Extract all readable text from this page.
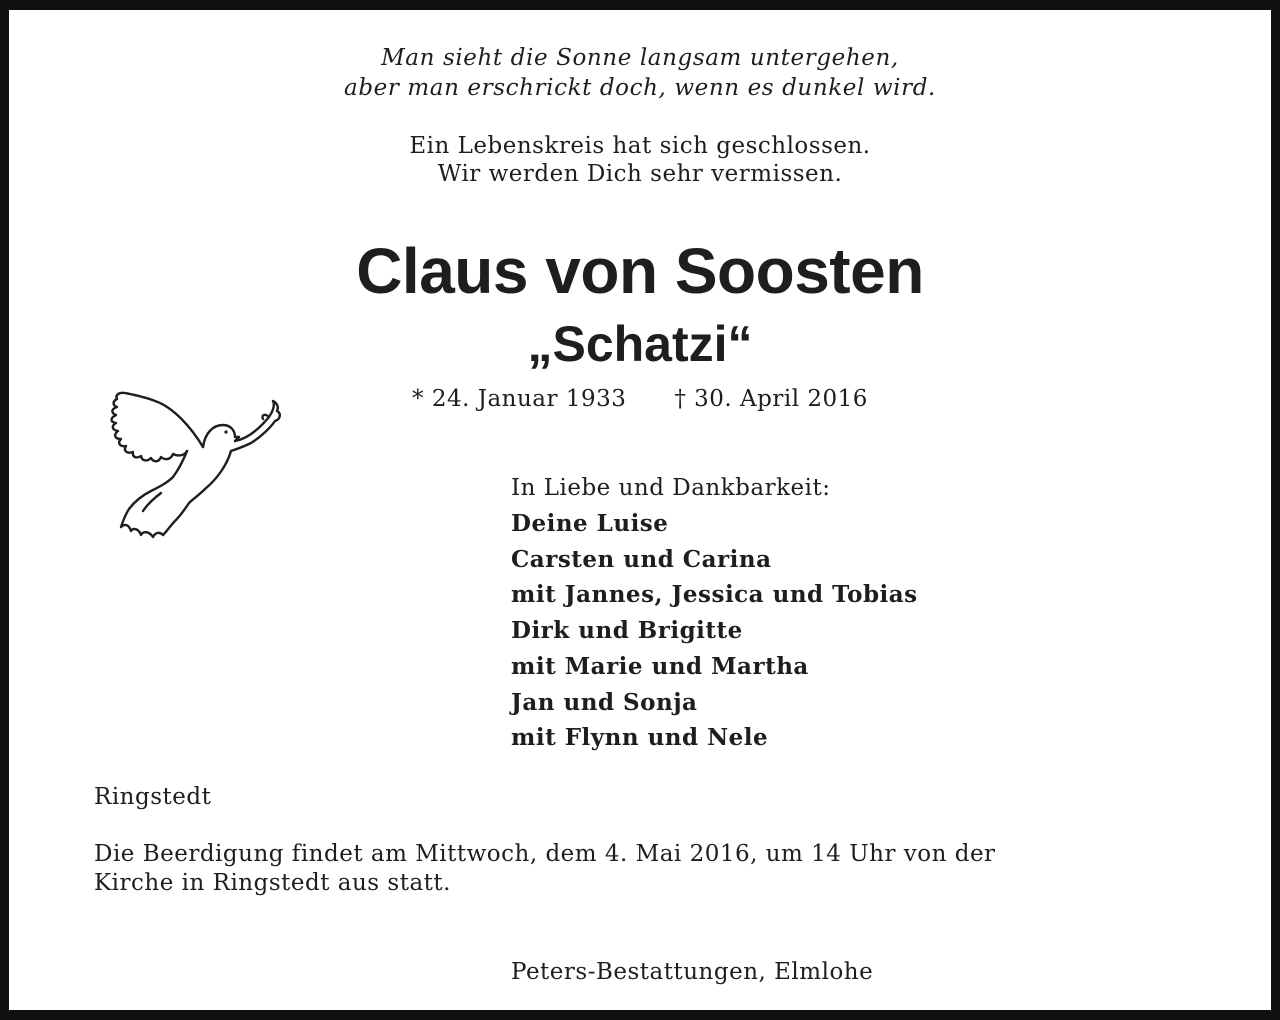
Man sieht die Sonne langsam untergehen,
aber man erschrickt doch, wenn es dunkel wird.
Ein Lebenskreis hat sich geschlossen.
Wir werden Dich sehr vermissen.
Claus von Soosten
„Schatzi“
* 24. Januar 1933 † 30. April 2016
In Liebe und Dankbarkeit:
Deine Luise
Carsten und Carina
mit Jannes, Jessica und Tobias
Dirk und Brigitte
mit Marie und Martha
Jan und Sonja
mit Flynn und Nele
Ringstedt
Die Beerdigung findet am Mittwoch, dem 4. Mai 2016, um 14 Uhr von der
Kirche in Ringstedt aus statt.
Peters-Bestattungen, Elmlohe
